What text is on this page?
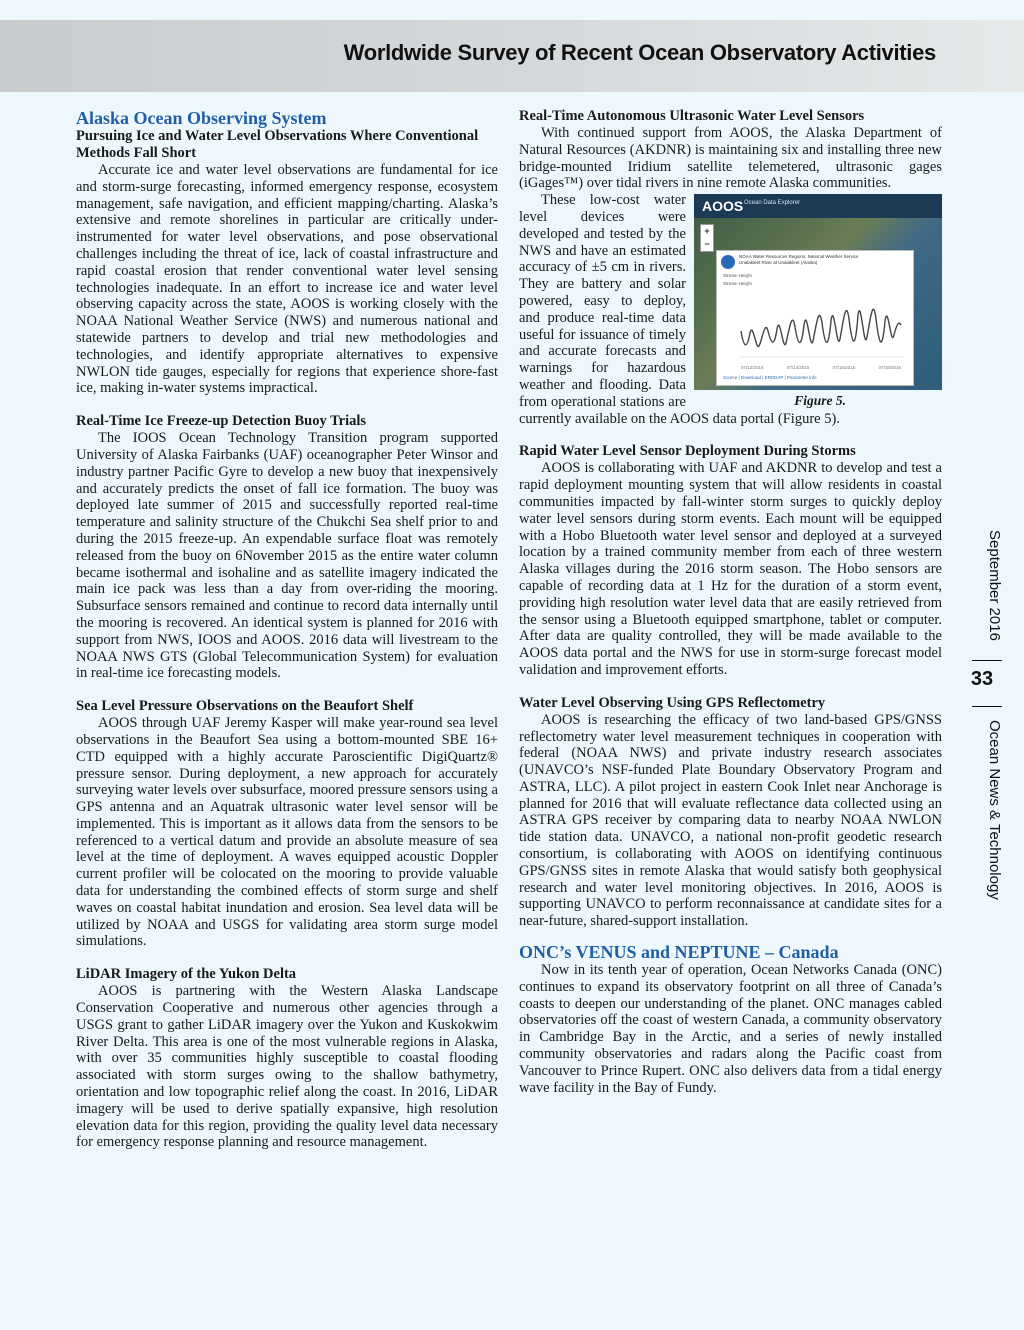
Worldwide Survey of Recent Ocean Observatory Activities
Alaska Ocean Observing System
Pursuing Ice and Water Level Observations Where Conventional Methods Fall Short

Accurate ice and water level observations are fundamental for ice and storm-surge forecasting, informed emergency response, ecosystem management, safe navigation, and efficient mapping/charting. Alaska’s extensive and remote shorelines in particular are critically under-instrumented for water level observations, and pose observational challenges including the threat of ice, lack of coastal infrastructure and rapid coastal erosion that render conventional water level sensing technologies inadequate. In an effort to increase ice and water level observing capacity across the state, AOOS is working closely with the NOAA National Weather Service (NWS) and numerous national and statewide partners to develop and trial new methodologies and technologies, and identify appropriate alternatives to expensive NWLON tide gauges, especially for regions that experience shore-fast ice, making in-water systems impractical.

Real-Time Ice Freeze-up Detection Buoy Trials

The IOOS Ocean Technology Transition program supported University of Alaska Fairbanks (UAF) oceanographer Peter Winsor and industry partner Pacific Gyre to develop a new buoy that inexpensively and accurately predicts the onset of fall ice formation. The buoy was deployed late summer of 2015 and successfully reported real-time temperature and salinity structure of the Chukchi Sea shelf prior to and during the 2015 freeze-up. An expendable surface float was remotely released from the buoy on 6November 2015 as the entire water column became isothermal and isohaline and as satellite imagery indicated the main ice pack was less than a day from over-riding the mooring. Subsurface sensors remained and continue to record data internally until the mooring is recovered. An identical system is planned for 2016 with support from NWS, IOOS and AOOS. 2016 data will livestream to the NOAA NWS GTS (Global Telecommunication System) for evaluation in real-time ice forecasting models.

Sea Level Pressure Observations on the Beaufort Shelf

AOOS through UAF Jeremy Kasper will make year-round sea level observations in the Beaufort Sea using a bottom-mounted SBE 16+ CTD equipped with a highly accurate Paroscientific DigiQuartz® pressure sensor. During deployment, a new approach for accurately surveying water levels over subsurface, moored pressure sensors using a GPS antenna and an Aquatrak ultrasonic water level sensor will be implemented. This is important as it allows data from the sensors to be referenced to a vertical datum and provide an absolute measure of sea level at the time of deployment. A waves equipped acoustic Doppler current profiler will be colocated on the mooring to provide valuable data for understanding the combined effects of storm surge and shelf waves on coastal habitat inundation and erosion. Sea level data will be utilized by NOAA and USGS for validating area storm surge model simulations.

LiDAR Imagery of the Yukon Delta

AOOS is partnering with the Western Alaska Landscape Conservation Cooperative and numerous other agencies through a USGS grant to gather LiDAR imagery over the Yukon and Kuskokwim River Delta. This area is one of the most vulnerable regions in Alaska, with over 35 communities highly susceptible to coastal flooding associated with storm surges owing to the shallow bathymetry, orientation and low topographic relief along the coast. In 2016, LiDAR imagery will be used to derive spatially expansive, high resolution elevation data for this region, providing the quality level data necessary for emergency response planning and resource management.

Real-Time Autonomous Ultrasonic Water Level Sensors

With continued support from AOOS, the Alaska Department of Natural Resources (AKDNR) is maintaining six and installing three new bridge-mounted Iridium satellite telemetered, ultrasonic gages (iGages™) over tidal rivers in nine remote Alaska communities.

AOOS Ocean Data Explorer
+
−
NOAA Water Resources Regions, National Weather Service
Unalakleet River at Unalakleet (Alaska)
Stream Height
Stream Height
07/12/2016	07/14/2016	07/16/2016	07/18/2016
Source | Download | ERDDAP | Parameter info
Figure 5.

These low-cost water level devices were developed and tested by the NWS and have an estimated accuracy of ±5 cm in rivers. They are battery and solar powered, easy to deploy, and produce real-time data useful for issuance of timely and accurate forecasts and warnings for hazardous weather and flooding. Data from operational stations are currently available on the AOOS data portal (Figure 5).

Rapid Water Level Sensor Deployment During Storms

AOOS is collaborating with UAF and AKDNR to develop and test a rapid deployment mounting system that will allow residents in coastal communities impacted by fall-winter storm surges to quickly deploy water level sensors during storm events. Each mount will be equipped with a Hobo Bluetooth water level sensor and deployed at a surveyed location by a trained community member from each of three western Alaska villages during the 2016 storm season. The Hobo sensors are capable of recording data at 1 Hz for the duration of a storm event, providing high resolution water level data that are easily retrieved from the sensor using a Bluetooth equipped smartphone, tablet or computer. After data are quality controlled, they will be made available to the AOOS data portal and the NWS for use in storm-surge forecast model validation and improvement efforts.

Water Level Observing Using GPS Reflectometry

AOOS is researching the efficacy of two land-based GPS/GNSS reflectometry water level measurement techniques in cooperation with federal (NOAA NWS) and private industry research associates (UNAVCO’s NSF-funded Plate Boundary Observatory Program and ASTRA, LLC). A pilot project in eastern Cook Inlet near Anchorage is planned for 2016 that will evaluate reflectance data collected using an ASTRA GPS receiver by comparing data to nearby NOAA NWLON tide station data. UNAVCO, a national non-profit geodetic research consortium, is collaborating with AOOS on identifying continuous GPS/GNSS sites in remote Alaska that would satisfy both geophysical research and water level monitoring objectives. In 2016, AOOS is supporting UNAVCO to perform reconnaissance at candidate sites for a near-future, shared-support installation.

ONC’s VENUS and NEPTUNE – Canada

Now in its tenth year of operation, Ocean Networks Canada (ONC) continues to expand its observatory footprint on all three of Canada’s coasts to deepen our understanding of the planet. ONC manages cabled observatories off the coast of western Canada, a community observatory in Cambridge Bay in the Arctic, and a series of newly installed community observatories and radars along the Pacific coast from Vancouver to Prince Rupert. ONC also delivers data from a tidal energy wave facility in the Bay of Fundy.

September 2016
33
Ocean News & Technology
